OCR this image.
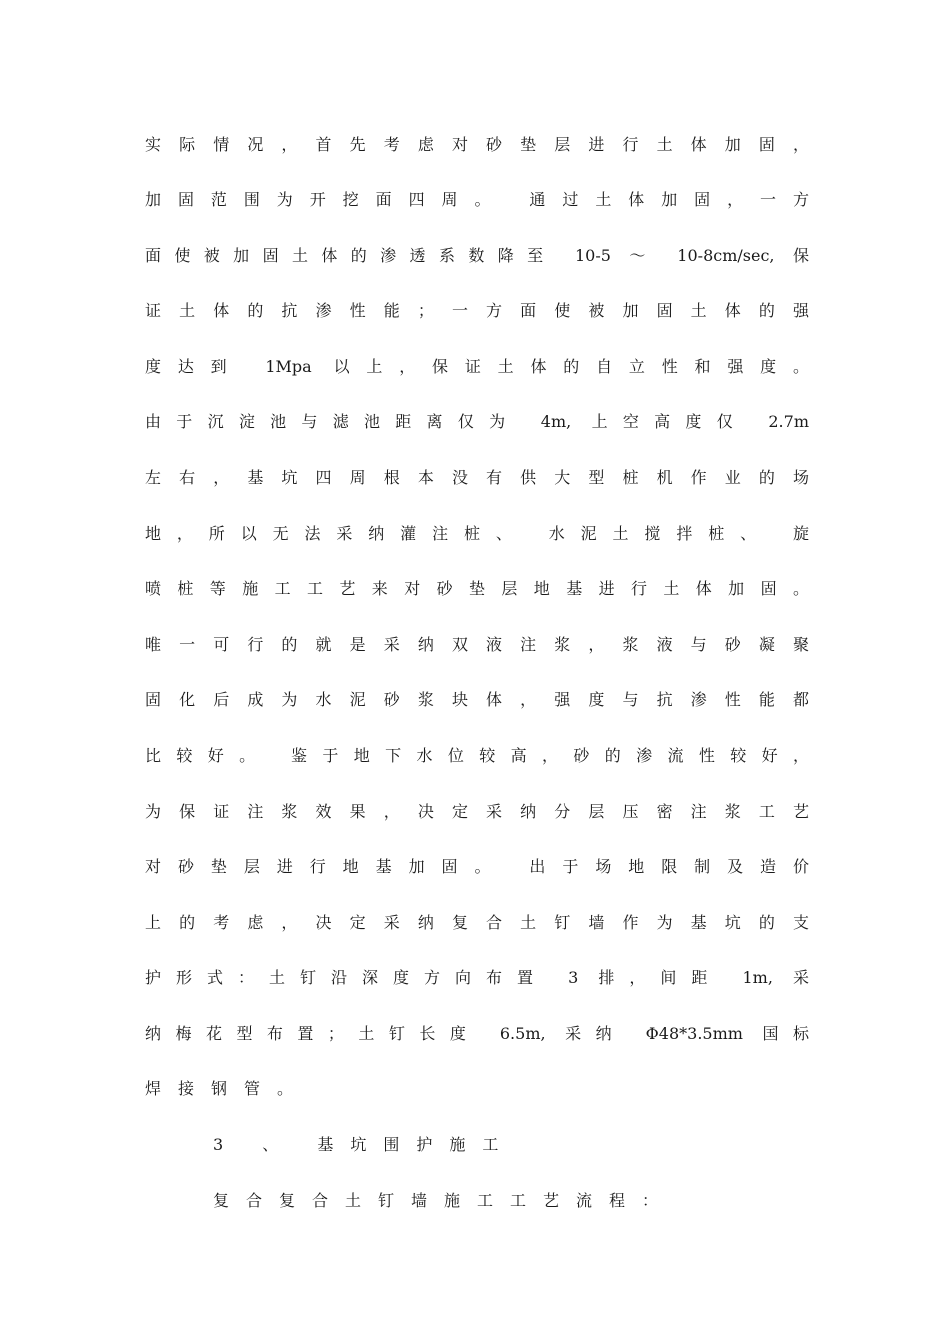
实际情况，首先考虑对砂垫层进行土体加固，

加固范围为开挖面四周。 通过土体加固，一方

面使被加固土体的渗透系数降至 10-5 ～ 10-8cm/sec, 保

证土体的抗渗性能；一方面使被加固土体的强

度达到 1Mpa 以上，保证土体的自立性和强度。

由于沉淀池与滤池距离仅为 4m, 上空高度仅 2.7m

左右，基坑四周根本没有供大型桩机作业的场

地，所以无法采纳灌注桩、 水泥土搅拌桩、 旋

喷桩等施工工艺来对砂垫层地基进行土体加固。

唯一可行的就是采纳双液注浆，浆液与砂凝聚

固化后成为水泥砂浆块体，强度与抗渗性能都

比较好。 鉴于地下水位较高，砂的渗流性较好，

为保证注浆效果，决定采纳分层压密注浆工艺

对砂垫层进行地基加固。 出于场地限制及造价

上的考虑，决定采纳复合土钉墙作为基坑的支

护形式：土钉沿深度方向布置 3 排，间距 1m, 采

纳梅花型布置；土钉长度 6.5m, 采纳 Φ48*3.5mm 国标

焊接钢管。

3 、 基坑围护施工

复合复合土钉墙施工工艺流程：
